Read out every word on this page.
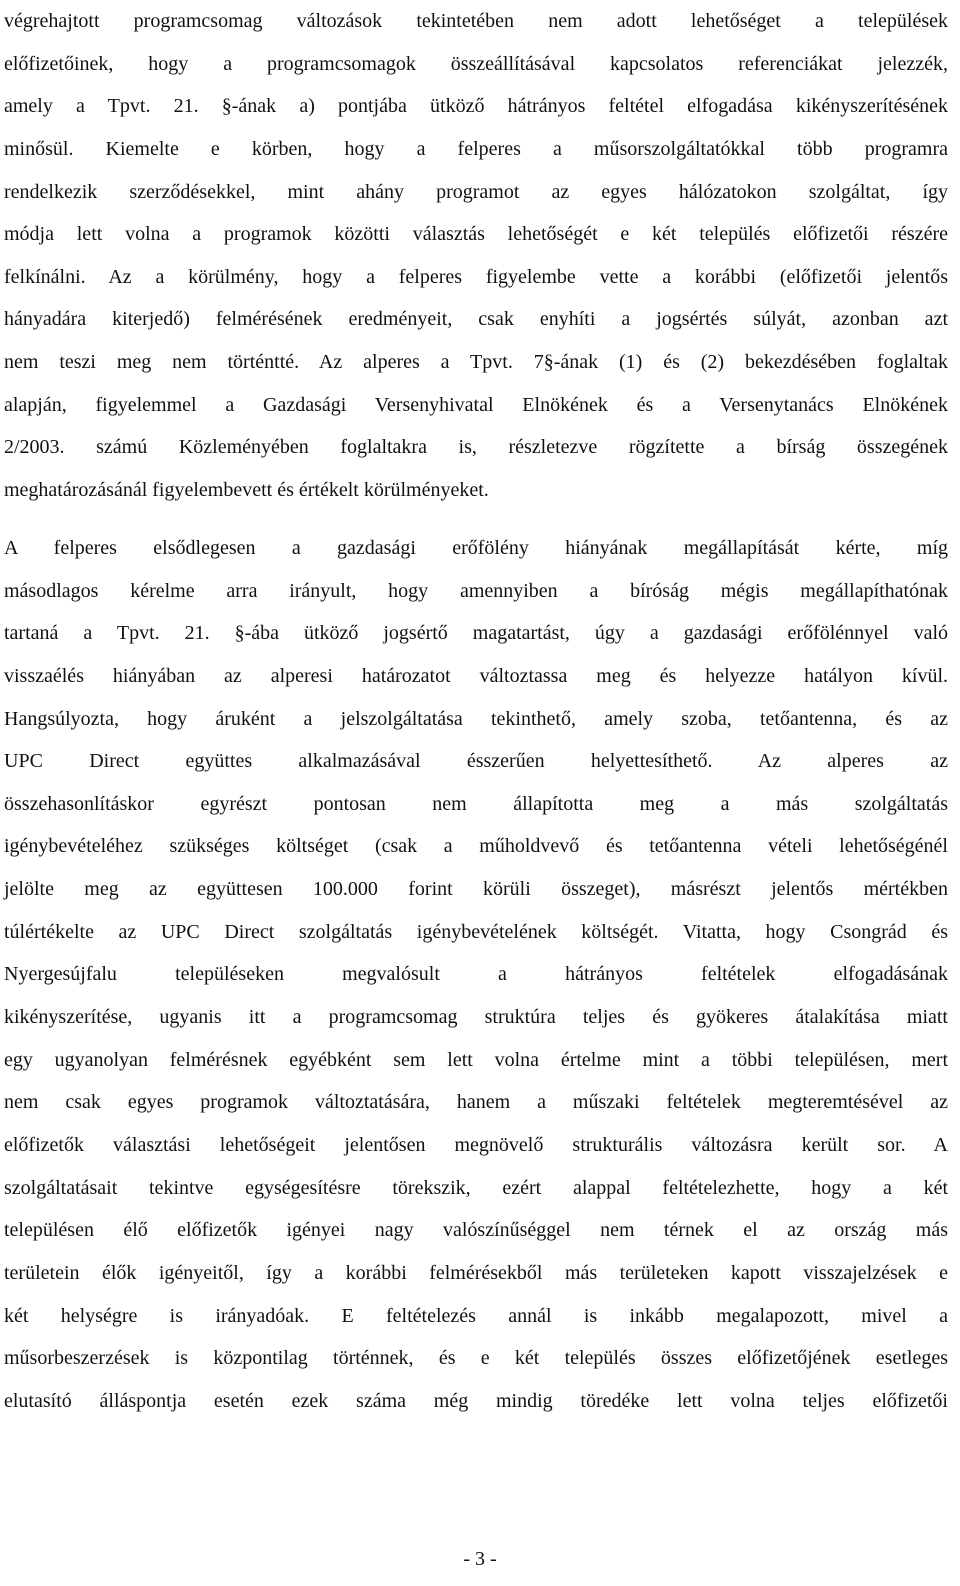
végrehajtott programcsomag változások tekintetében nem adott lehetőséget a települések
előfizetőinek, hogy a programcsomagok összeállításával kapcsolatos referenciákat jelezzék,
amely a Tpvt. 21. §-ának a) pontjába ütköző hátrányos feltétel elfogadása kikényszerítésének
minősül. Kiemelte e körben, hogy a felperes a műsorszolgáltatókkal több programra
rendelkezik szerződésekkel, mint ahány programot az egyes hálózatokon szolgáltat, így
módja lett volna a programok közötti választás lehetőségét e két település előfizetői részére
felkínálni. Az a körülmény, hogy a felperes figyelembe vette a korábbi (előfizetői jelentős
hányadára kiterjedő) felmérésének eredményeit, csak enyhíti a jogsértés súlyát, azonban azt
nem teszi meg nem történtté. Az alperes a Tpvt. 7§-ának (1) és (2) bekezdésében foglaltak
alapján, figyelemmel a Gazdasági Versenyhivatal Elnökének és a Versenytanács Elnökének
2/2003. számú Közleményében foglaltakra is, részletezve rögzítette a bírság összegének
meghatározásánál figyelembevett és értékelt körülményeket.

A felperes elsődlegesen a gazdasági erőfölény hiányának megállapítását kérte, míg
másodlagos kérelme arra irányult, hogy amennyiben a bíróság mégis megállapíthatónak
tartaná a Tpvt. 21. §-ába ütköző jogsértő magatartást, úgy a gazdasági erőfölénnyel való
visszaélés hiányában az alperesi határozatot változtassa meg és helyezze hatályon kívül.
Hangsúlyozta, hogy áruként a jelszolgáltatása tekinthető, amely szoba, tetőantenna, és az
UPC Direct együttes alkalmazásával ésszerűen helyettesíthető. Az alperes az
összehasonlításkor egyrészt pontosan nem állapította meg a más szolgáltatás
igénybevételéhez szükséges költséget (csak a műholdvevő és tetőantenna vételi lehetőségénél
jelölte meg az együttesen 100.000 forint körüli összeget), másrészt jelentős mértékben
túlértékelte az UPC Direct szolgáltatás igénybevételének költségét. Vitatta, hogy Csongrád és
Nyergesújfalu településeken megvalósult a hátrányos feltételek elfogadásának
kikényszerítése, ugyanis itt a programcsomag struktúra teljes és gyökeres átalakítása miatt
egy ugyanolyan felmérésnek egyébként sem lett volna értelme mint a többi településen, mert
nem csak egyes programok változtatására, hanem a műszaki feltételek megteremtésével az
előfizetők választási lehetőségeit jelentősen megnövelő strukturális változásra került sor. A
szolgáltatásait tekintve egységesítésre törekszik, ezért alappal feltételezhette, hogy a két
településen élő előfizetők igényei nagy valószínűséggel nem térnek el az ország más
területein élők igényeitől, így a korábbi felmérésekből más területeken kapott visszajelzések e
két helységre is irányadóak. E feltételezés annál is inkább megalapozott, mivel a
műsorbeszerzések is központilag történnek, és e két település összes előfizetőjének esetleges
elutasító álláspontja esetén ezek száma még mindig töredéke lett volna teljes előfizetői

- 3 -
